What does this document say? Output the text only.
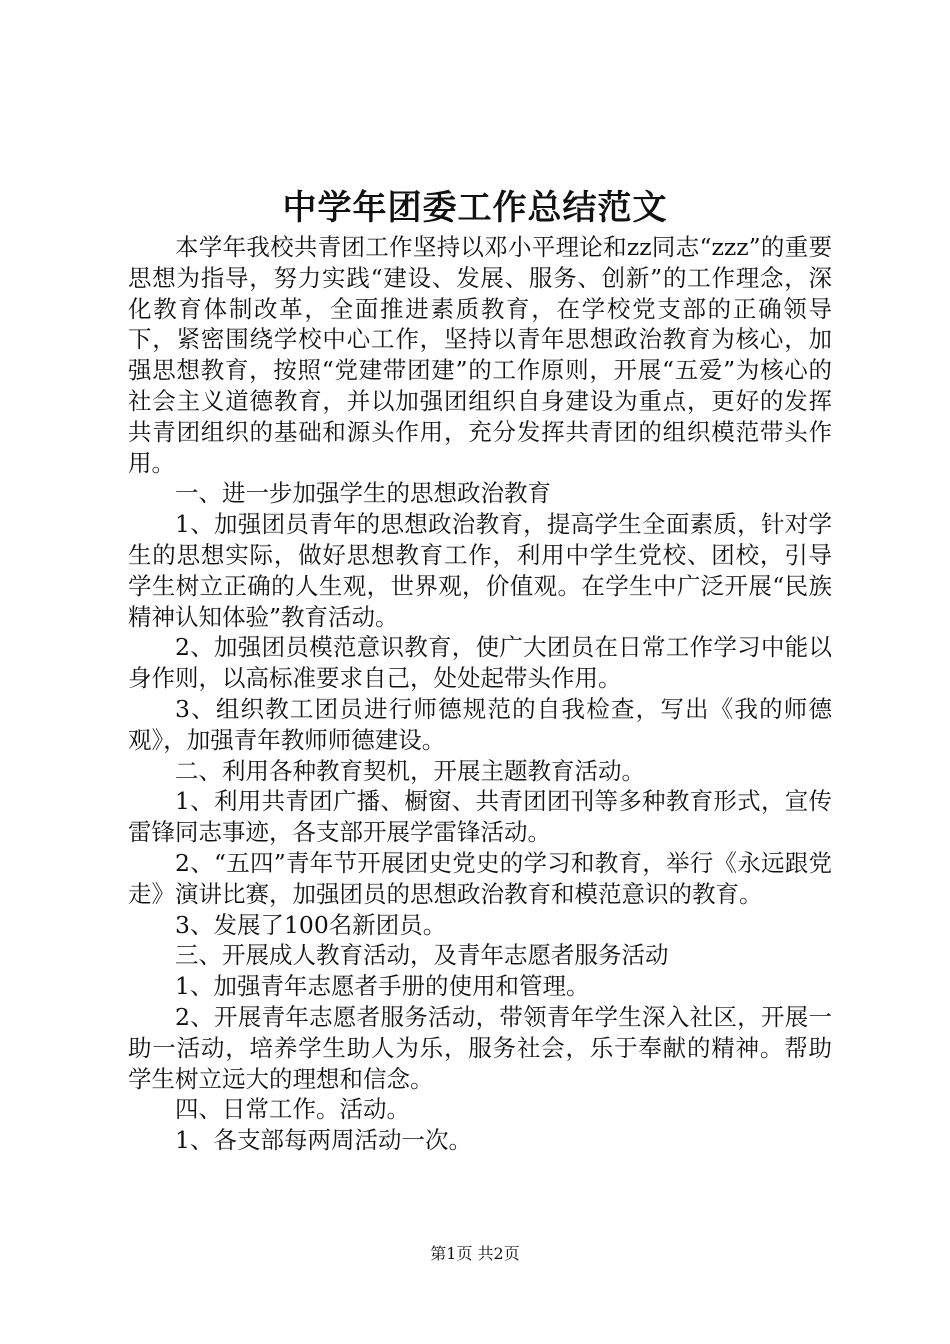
中学年团委工作总结范文

本学年我校共青团工作坚持以邓小平理论和zz同志“zzz”的重要思想为指导，努力实践“建设、发展、服务、创新”的工作理念，深化教育体制改革，全面推进素质教育，在学校党支部的正确领导下，紧密围绕学校中心工作，坚持以青年思想政治教育为核心，加强思想教育，按照“党建带团建”的工作原则，开展“五爱”为核心的社会主义道德教育，并以加强团组织自身建设为重点，更好的发挥共青团组织的基础和源头作用，充分发挥共青团的组织模范带头作用。

一、进一步加强学生的思想政治教育

1、加强团员青年的思想政治教育，提高学生全面素质，针对学生的思想实际，做好思想教育工作，利用中学生党校、团校，引导学生树立正确的人生观，世界观，价值观。在学生中广泛开展“民族精神认知体验”教育活动。

2、加强团员模范意识教育，使广大团员在日常工作学习中能以身作则，以高标准要求自己，处处起带头作用。

3、组织教工团员进行师德规范的自我检查，写出《我的师德观》，加强青年教师师德建设。

二、利用各种教育契机，开展主题教育活动。

1、利用共青团广播、橱窗、共青团团刊等多种教育形式，宣传雷锋同志事迹，各支部开展学雷锋活动。

2、“五四”青年节开展团史党史的学习和教育，举行《永远跟党走》演讲比赛，加强团员的思想政治教育和模范意识的教育。

3、发展了100名新团员。

三、开展成人教育活动，及青年志愿者服务活动

1、加强青年志愿者手册的使用和管理。

2、开展青年志愿者服务活动，带领青年学生深入社区，开展一助一活动，培养学生助人为乐，服务社会，乐于奉献的精神。帮助学生树立远大的理想和信念。

四、日常工作。活动。

1、各支部每两周活动一次。

第1页 共2页
